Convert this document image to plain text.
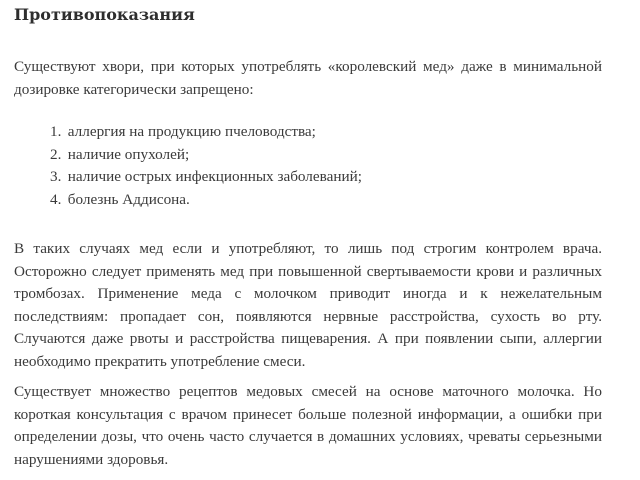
Противопоказания

Существуют хвори, при которых употреблять «королевский мед» даже в минимальной дозировке категорически запрещено:

1. аллергия на продукцию пчеловодства;
2. наличие опухолей;
3. наличие острых инфекционных заболеваний;
4. болезнь Аддисона.

В таких случаях мед если и употребляют, то лишь под строгим контролем врача. Осторожно следует применять мед при повышенной свертываемости крови и различных тромбозах. Применение меда с молочком приводит иногда и к нежелательным последствиям: пропадает сон, появляются нервные расстройства, сухость во рту. Случаются даже рвоты и расстройства пищеварения. А при появлении сыпи, аллергии необходимо прекратить употребление смеси.

Существует множество рецептов медовых смесей на основе маточного молочка. Но короткая консультация с врачом принесет больше полезной информации, а ошибки при определении дозы, что очень часто случается в домашних условиях, чреваты серьезными нарушениями здоровья.
